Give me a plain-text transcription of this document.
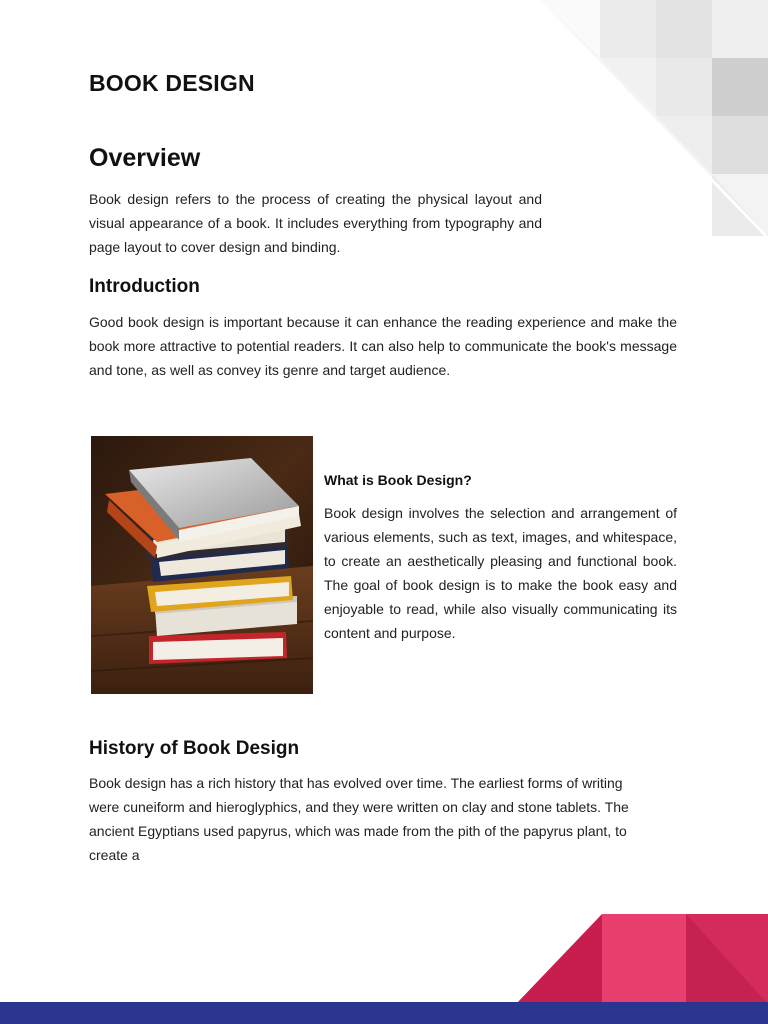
BOOK DESIGN
Overview

Book design refers to the process of creating the physical layout and visual appearance of a book. It includes everything from typography and page layout to cover design and binding.

Introduction

Good book design is important because it can enhance the reading experience and make the book more attractive to potential readers. It can also help to communicate the book's message and tone, as well as convey its genre and target audience.

What is Book Design?

Book design involves the selection and arrangement of various elements, such as text, images, and whitespace, to create an aesthetically pleasing and functional book. The goal of book design is to make the book easy and enjoyable to read, while also visually communicating its content and purpose.

History of Book Design

Book design has a rich history that has evolved over time. The earliest forms of writing were cuneiform and hieroglyphics, and they were written on clay and stone tablets. The ancient Egyptians used papyrus, which was made from the pith of the papyrus plant, to create a
